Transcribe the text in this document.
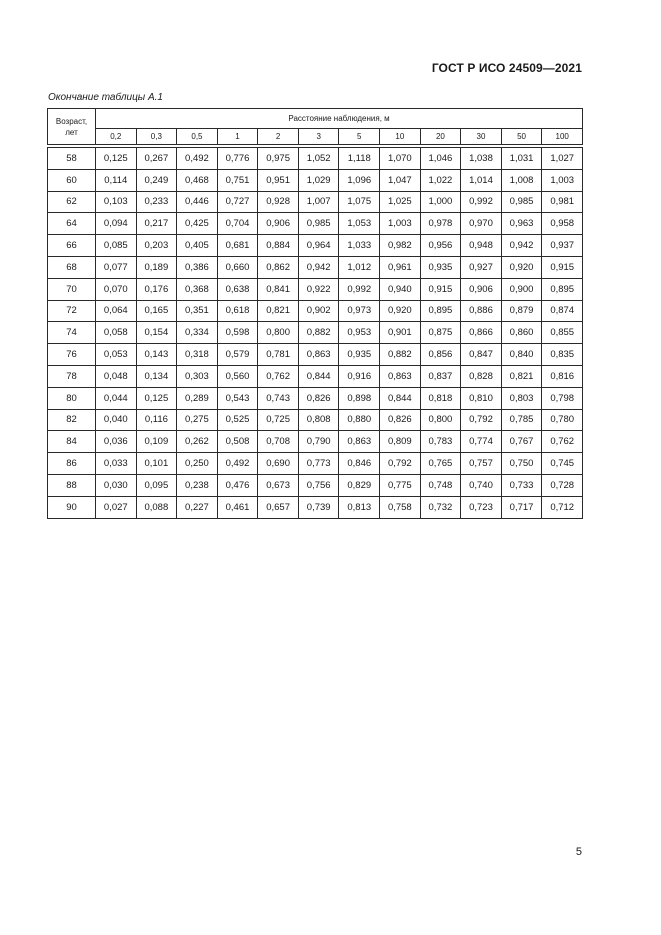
ГОСТ Р ИСО 24509—2021
Окончание таблицы А.1
Возраст,
лет	Расстояние наблюдения, м											
	0,2	0,3	0,5	1	2	3	5	10	20	30	50	100

58	0,125	0,267	0,492	0,776	0,975	1,052	1,118	1,070	1,046	1,038	1,031	1,027
60	0,114	0,249	0,468	0,751	0,951	1,029	1,096	1,047	1,022	1,014	1,008	1,003
62	0,103	0,233	0,446	0,727	0,928	1,007	1,075	1,025	1,000	0,992	0,985	0,981
64	0,094	0,217	0,425	0,704	0,906	0,985	1,053	1,003	0,978	0,970	0,963	0,958
66	0,085	0,203	0,405	0,681	0,884	0,964	1,033	0,982	0,956	0,948	0,942	0,937
68	0,077	0,189	0,386	0,660	0,862	0,942	1,012	0,961	0,935	0,927	0,920	0,915
70	0,070	0,176	0,368	0,638	0,841	0,922	0,992	0,940	0,915	0,906	0,900	0,895
72	0,064	0,165	0,351	0,618	0,821	0,902	0,973	0,920	0,895	0,886	0,879	0,874
74	0,058	0,154	0,334	0,598	0,800	0,882	0,953	0,901	0,875	0,866	0,860	0,855
76	0,053	0,143	0,318	0,579	0,781	0,863	0,935	0,882	0,856	0,847	0,840	0,835
78	0,048	0,134	0,303	0,560	0,762	0,844	0,916	0,863	0,837	0,828	0,821	0,816
80	0,044	0,125	0,289	0,543	0,743	0,826	0,898	0,844	0,818	0,810	0,803	0,798
82	0,040	0,116	0,275	0,525	0,725	0,808	0,880	0,826	0,800	0,792	0,785	0,780
84	0,036	0,109	0,262	0,508	0,708	0,790	0,863	0,809	0,783	0,774	0,767	0,762
86	0,033	0,101	0,250	0,492	0,690	0,773	0,846	0,792	0,765	0,757	0,750	0,745
88	0,030	0,095	0,238	0,476	0,673	0,756	0,829	0,775	0,748	0,740	0,733	0,728
90	0,027	0,088	0,227	0,461	0,657	0,739	0,813	0,758	0,732	0,723	0,717	0,712
5
